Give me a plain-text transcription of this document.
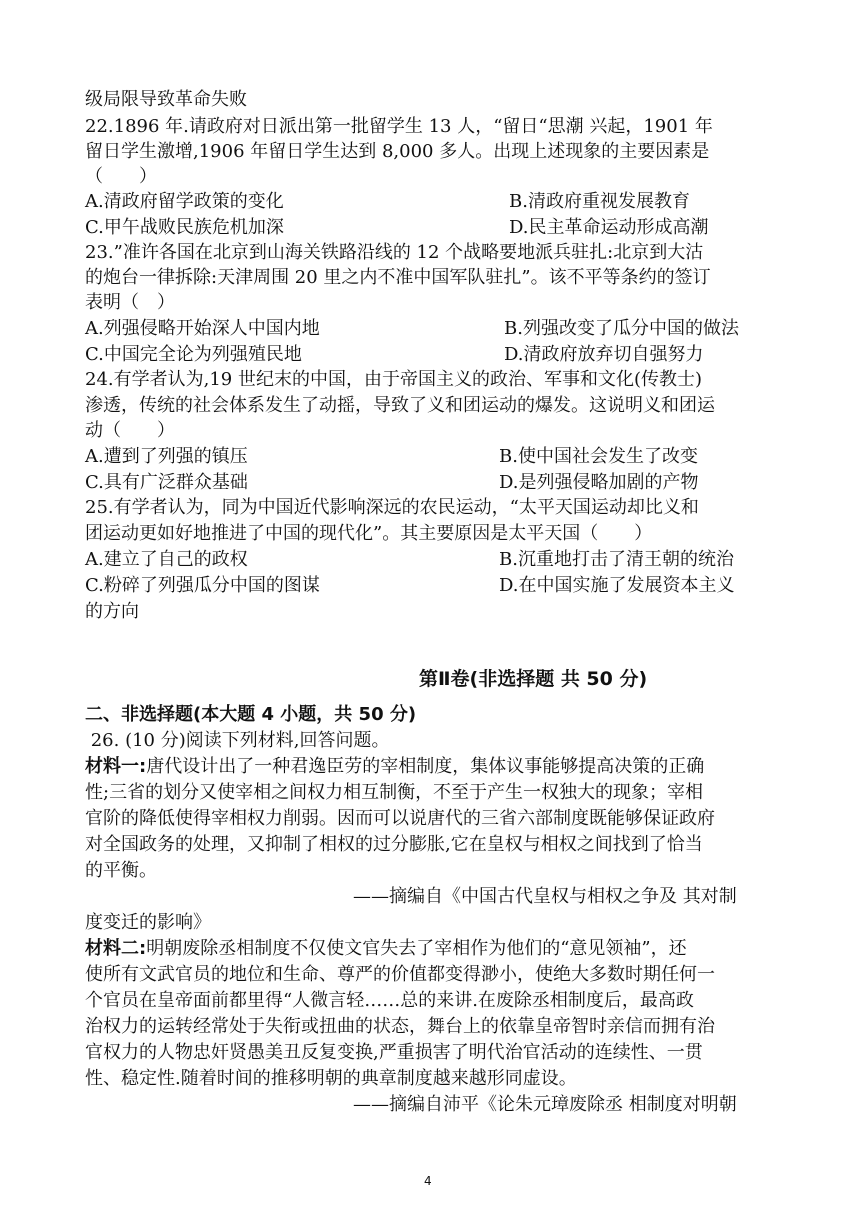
级局限导致革命失败
22.1896 年.请政府对日派出第一批留学生 13 人，“留日“思潮 兴起，1901 年
留日学生激增,1906 年留日学生达到 8,000 多人。出现上述现象的主要因素是
（　　）
A.清政府留学政策的变化	B.清政府重视发展教育
C.甲午战败民族危机加深	D.民主革命运动形成高潮
23.”准许各国在北京到山海关铁路沿线的 12 个战略要地派兵驻扎:北京到大沽
的炮台一律拆除:天津周围 20 里之内不准中国军队驻扎”。该不平等条约的签订
表明（　）
A.列强侵略开始深人中国内地	B.列强改变了瓜分中国的做法
C.中国完全论为列强殖民地	D.清政府放弃切自强努力
24.有学者认为,19 世纪末的中国，由于帝国主义的政治、军事和文化(传教士)
渗透，传统的社会体系发生了动摇，导致了义和团运动的爆发。这说明义和团运
动（　　）
A.遭到了列强的镇压	B.使中国社会发生了改变
C.具有广泛群众基础	D.是列强侵略加剧的产物
25.有学者认为，同为中国近代影响深远的农民运动，“太平天国运动却比义和
团运动更如好地推进了中国的现代化”。其主要原因是太平天国（　　）
A.建立了自己的政权	B.沉重地打击了清王朝的统治
C.粉碎了列强瓜分中国的图谋	D.在中国实施了发展资本主义
的方向
第Ⅱ卷(非选择题 共 50 分)
二、非选择题(本大题 4 小题，共 50 分)
26. (10 分)阅读下列材料,回答问题。
材料一:唐代设计出了一种君逸臣劳的宰相制度，集体议事能够提高决策的正确
性;三省的划分又使宰相之间权力相互制衡，不至于产生一权独大的现象；宰相
官阶的降低使得宰相权力削弱。因而可以说唐代的三省六部制度既能够保证政府
对全国政务的处理，又抑制了相权的过分膨胀,它在皇权与相权之间找到了恰当
的平衡。
——摘编自《中国古代皇权与相权之争及 其对制
度变迁的影响》
材料二:明朝废除丞相制度不仅使文官失去了宰相作为他们的“意见领袖”，还
使所有文武官员的地位和生命、尊严的价值都变得渺小，使绝大多数时期任何一
个官员在皇帝面前都里得“人微言轻……总的来讲.在废除丞相制度后，最高政
治权力的运转经常处于失衔或扭曲的状态，舞台上的依靠皇帝智时亲信而拥有治
官权力的人物忠奸贤愚美丑反复变换,严重损害了明代治官活动的连续性、一贯
性、稳定性.随着时间的推移明朝的典章制度越来越形同虚设。
——摘编自沛平《论朱元璋废除丞 相制度对明朝
4
